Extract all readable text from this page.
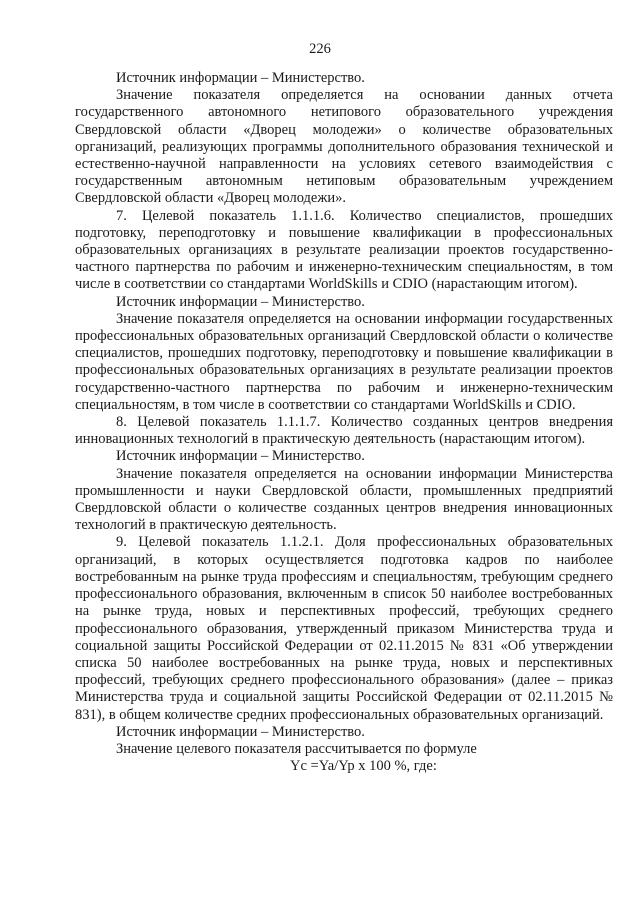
226

Источник информации – Министерство.

Значение показателя определяется на основании данных отчета государственного автономного нетипового образовательного учреждения Свердловской области «Дворец молодежи» о количестве образовательных организаций, реализующих программы дополнительного образования технической и естественно-научной направленности на условиях сетевого взаимодействия с государственным автономным нетиповым образовательным учреждением Свердловской области «Дворец молодежи».

7. Целевой показатель 1.1.1.6. Количество специалистов, прошедших подготовку, переподготовку и повышение квалификации в профессиональных образовательных организациях в результате реализации проектов государственно-частного партнерства по рабочим и инженерно-техническим специальностям, в том числе в соответствии со стандартами WorldSkills и CDIO (нарастающим итогом).

Источник информации – Министерство.

Значение показателя определяется на основании информации государственных профессиональных образовательных организаций Свердловской области о количестве специалистов, прошедших подготовку, переподготовку и повышение квалификации в профессиональных образовательных организациях в результате реализации проектов государственно-частного партнерства по рабочим и инженерно-техническим специальностям, в том числе в соответствии со стандартами WorldSkills и CDIO.

8. Целевой показатель 1.1.1.7. Количество созданных центров внедрения инновационных технологий в практическую деятельность (нарастающим итогом).

Источник информации – Министерство.

Значение показателя определяется на основании информации Министерства промышленности и науки Свердловской области, промышленных предприятий Свердловской области о количестве созданных центров внедрения инновационных технологий в практическую деятельность.

9. Целевой показатель 1.1.2.1. Доля профессиональных образовательных организаций, в которых осуществляется подготовка кадров по наиболее востребованным на рынке труда профессиям и специальностям, требующим среднего профессионального образования, включенным в список 50 наиболее востребованных на рынке труда, новых и перспективных профессий, требующих среднего профессионального образования, утвержденный приказом Министерства труда и социальной защиты Российской Федерации от 02.11.2015 № 831 «Об утверждении списка 50 наиболее востребованных на рынке труда, новых и перспективных профессий, требующих среднего профессионального образования» (далее – приказ Министерства труда и социальной защиты Российской Федерации от 02.11.2015 № 831), в общем количестве средних профессиональных образовательных организаций.

Источник информации – Министерство.

Значение целевого показателя рассчитывается по формуле

Yc =Ya/Yp x 100 %, где:
